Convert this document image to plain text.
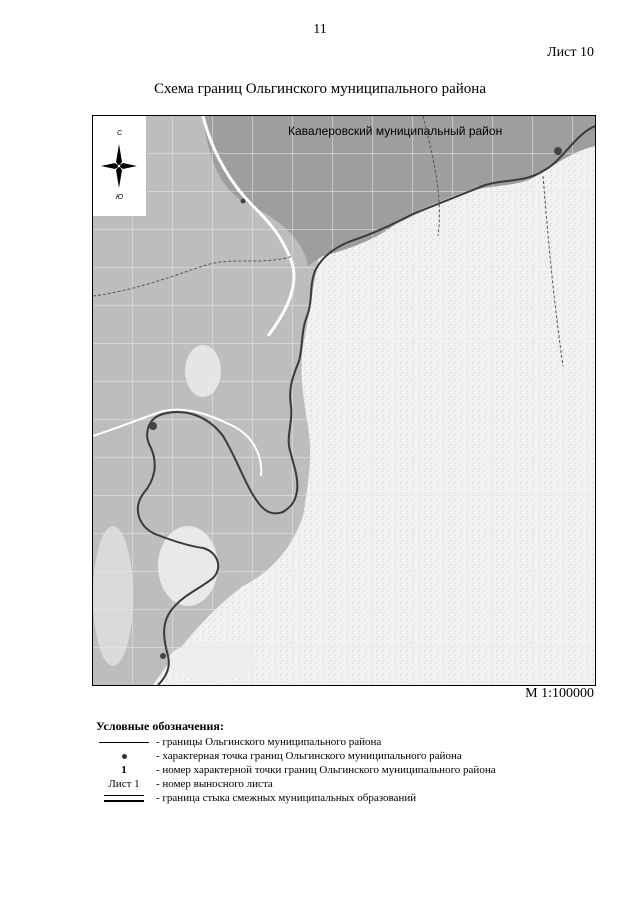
11
Лист 10
Схема границ Ольгинского муниципального района
С
Ю
Кавалеровский муниципальный район
М 1:100000
Условные обозначения:
- границы Ольгинского муниципального района
- характерная точка границ Ольгинского муниципального района
1	- номер характерной точки границ Ольгинского муниципального района
Лист 1 - номер выносного листа
- граница стыка смежных муниципальных образований
